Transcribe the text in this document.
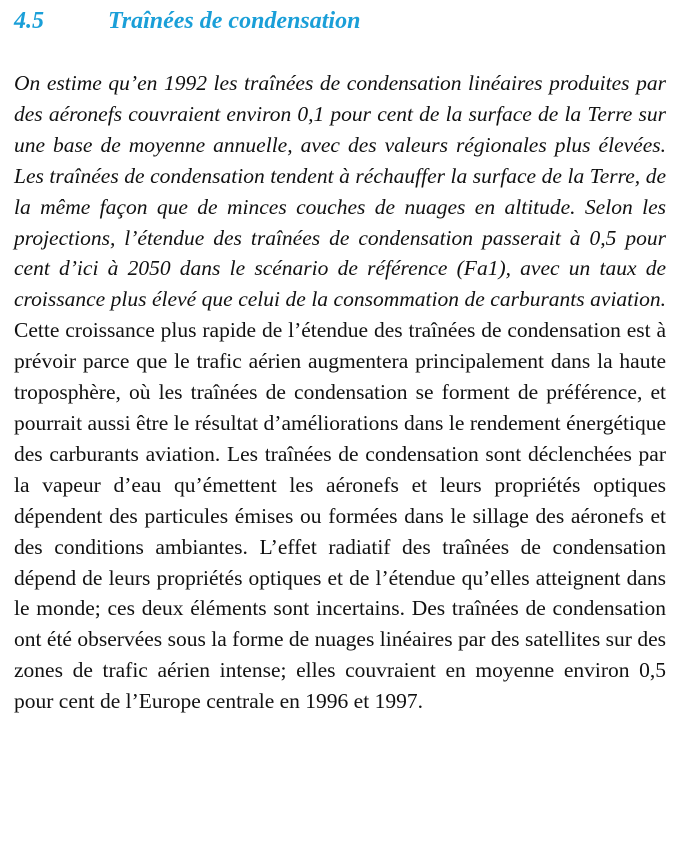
4.5	Traînées de condensation

On estime qu’en 1992 les traînées de condensation linéaires produites par des aéronefs couvraient environ 0,1 pour cent de la surface de la Terre sur une base de moyenne annuelle, avec des valeurs régionales plus élevées. Les traînées de condensation tendent à réchauffer la surface de la Terre, de la même façon que de minces couches de nuages en altitude. Selon les projections, l’étendue des traînées de condensation passerait à 0,5 pour cent d’ici à 2050 dans le scénario de référence (Fa1), avec un taux de croissance plus élevé que celui de la consommation de carburants aviation. Cette croissance plus rapide de l’étendue des traînées de condensation est à prévoir parce que le trafic aérien augmentera principalement dans la haute troposphère, où les traînées de condensation se forment de préférence, et pourrait aussi être le résultat d’améliorations dans le rendement énergétique des carburants aviation. Les traînées de condensation sont déclenchées par la vapeur d’eau qu’émettent les aéronefs et leurs propriétés optiques dépendent des particules émises ou formées dans le sillage des aéronefs et des conditions ambiantes. L’effet radiatif des traînées de condensation dépend de leurs propriétés optiques et de l’étendue qu’elles atteignent dans le monde; ces deux éléments sont incertains. Des traînées de condensation ont été observées sous la forme de nuages linéaires par des satellites sur des zones de trafic aérien intense; elles couvraient en moyenne environ 0,5 pour cent de l’Europe centrale en 1996 et 1997.
